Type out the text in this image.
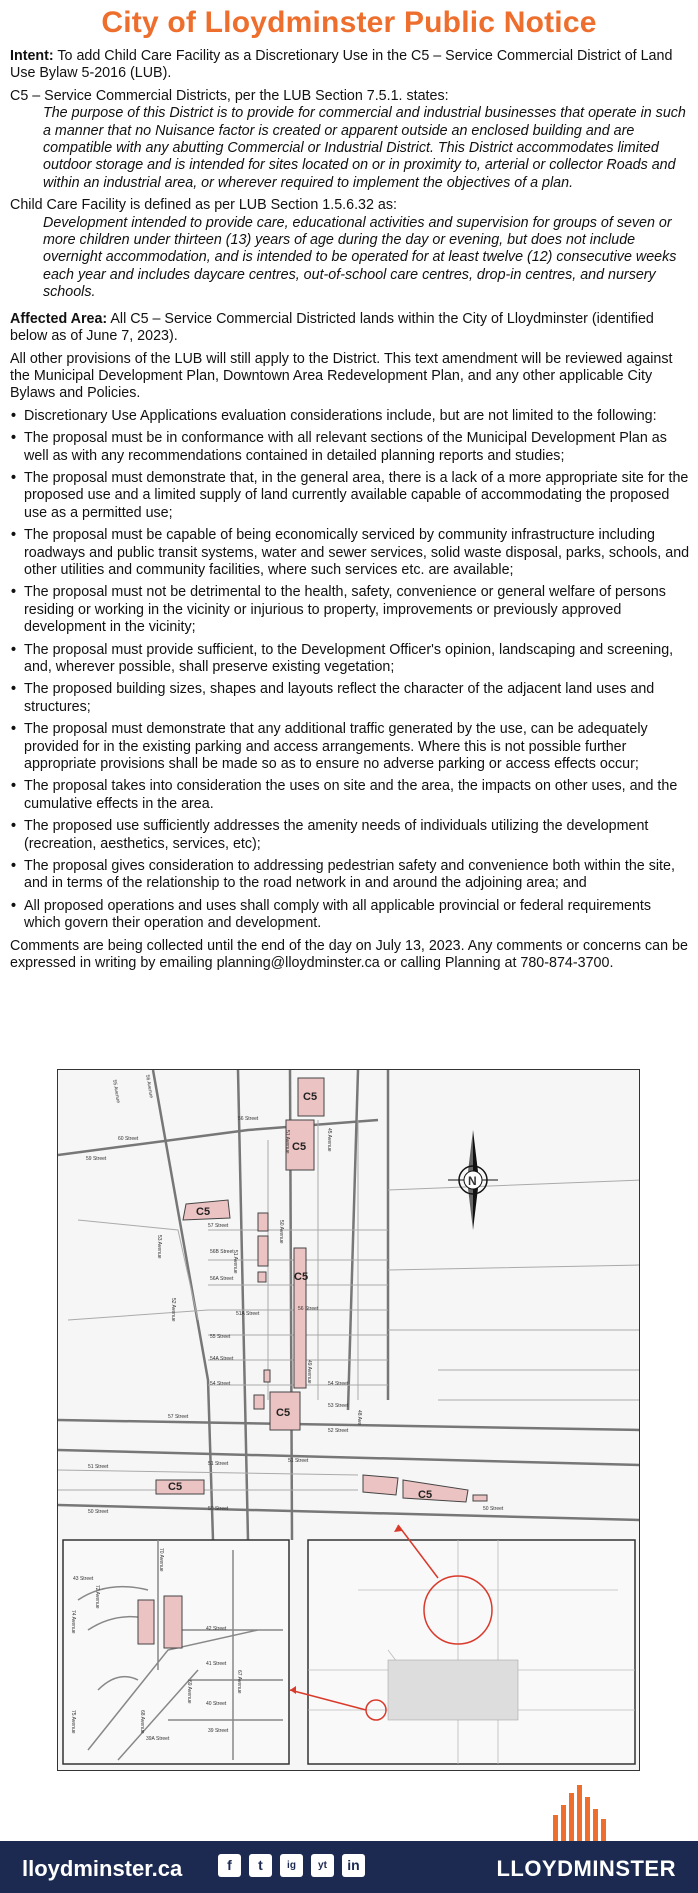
City of Lloydminster Public Notice

Intent: To add Child Care Facility as a Discretionary Use in the C5 – Service Commercial District of Land Use Bylaw 5-2016 (LUB).

C5 – Service Commercial Districts, per the LUB Section 7.5.1. states:

The purpose of this District is to provide for commercial and industrial businesses that operate in such a manner that no Nuisance factor is created or apparent outside an enclosed building and are compatible with any abutting Commercial or Industrial District. This District accommodates limited outdoor storage and is intended for sites located on or in proximity to, arterial or collector Roads and within an industrial area, or wherever required to implement the objectives of a plan.

Child Care Facility is defined as per LUB Section 1.5.6.32 as:

Development intended to provide care, educational activities and supervision for groups of seven or more children under thirteen (13) years of age during the day or evening, but does not include overnight accommodation, and is intended to be operated for at least twelve (12) consecutive weeks each year and includes daycare centres, out-of-school care centres, drop-in centres, and nursery schools.

Affected Area: All C5 – Service Commercial Districted lands within the City of Lloydminster (identified below as of June 7, 2023).

All other provisions of the LUB will still apply to the District. This text amendment will be reviewed against the Municipal Development Plan, Downtown Area Redevelopment Plan, and any other applicable City Bylaws and Policies.

• Discretionary Use Applications evaluation considerations include, but are not limited to the following:
• The proposal must be in conformance with all relevant sections of the Municipal Development Plan as well as with any recommendations contained in detailed planning reports and studies;
• The proposal must demonstrate that, in the general area, there is a lack of a more appropriate site for the proposed use and a limited supply of land currently available capable of accommodating the proposed use as a permitted use;
• The proposal must be capable of being economically serviced by community infrastructure including roadways and public transit systems, water and sewer services, solid waste disposal, parks, schools, and other utilities and community facilities, where such services etc. are available;
• The proposal must not be detrimental to the health, safety, convenience or general welfare of persons residing or working in the vicinity or injurious to property, improvements or previously approved development in the vicinity;
• The proposal must provide sufficient, to the Development Officer's opinion, landscaping and screening, and, wherever possible, shall preserve existing vegetation;
• The proposed building sizes, shapes and layouts reflect the character of the adjacent land uses and structures;
• The proposal must demonstrate that any additional traffic generated by the use, can be adequately provided for in the existing parking and access arrangements. Where this is not possible further appropriate provisions shall be made so as to ensure no adverse parking or access effects occur;
• The proposal takes into consideration the uses on site and the area, the impacts on other uses, and the cumulative effects in the area.
• The proposed use sufficiently addresses the amenity needs of individuals utilizing the development (recreation, aesthetics, services, etc);
• The proposal gives consideration to addressing pedestrian safety and convenience both within the site, and in terms of the relationship to the road network in and around the adjoining area; and
• All proposed operations and uses shall comply with all applicable provincial or federal requirements which govern their operation and development.

Comments are being collected until the end of the day on July 13, 2023. Any comments or concerns can be expressed in writing by emailing planning@lloydminster.ca or calling Planning at 780-874-3700.

C5
C5
C5
C5
C5
C5
C5
60 Street
59 Street
57 Street
56B Street
56A Street
55 Street
54A Street
54 Street	54 Street
53 Street
52 Street
51 Street	51 Street	51 Street
50 Street	50 Street	50 Street
57 Street
51A Street
56 Street
56 Street
52 Avenue
53 Avenue
51 Avenue
51 Avenue
50 Avenue
49 Avenue
48 Ave
45 Avenue
55 Avenue	56 Avenue
N
42 Street
41 Street
40 Street
39 Street
43 Street
39A Street
70 Avenue
72 Avenue
74 Avenue
69 Avenue	67 Avenue
75 Avenue	68 Avenue
lloydminster.ca	f	t	ig	yt	in	LLOYDMINSTER
